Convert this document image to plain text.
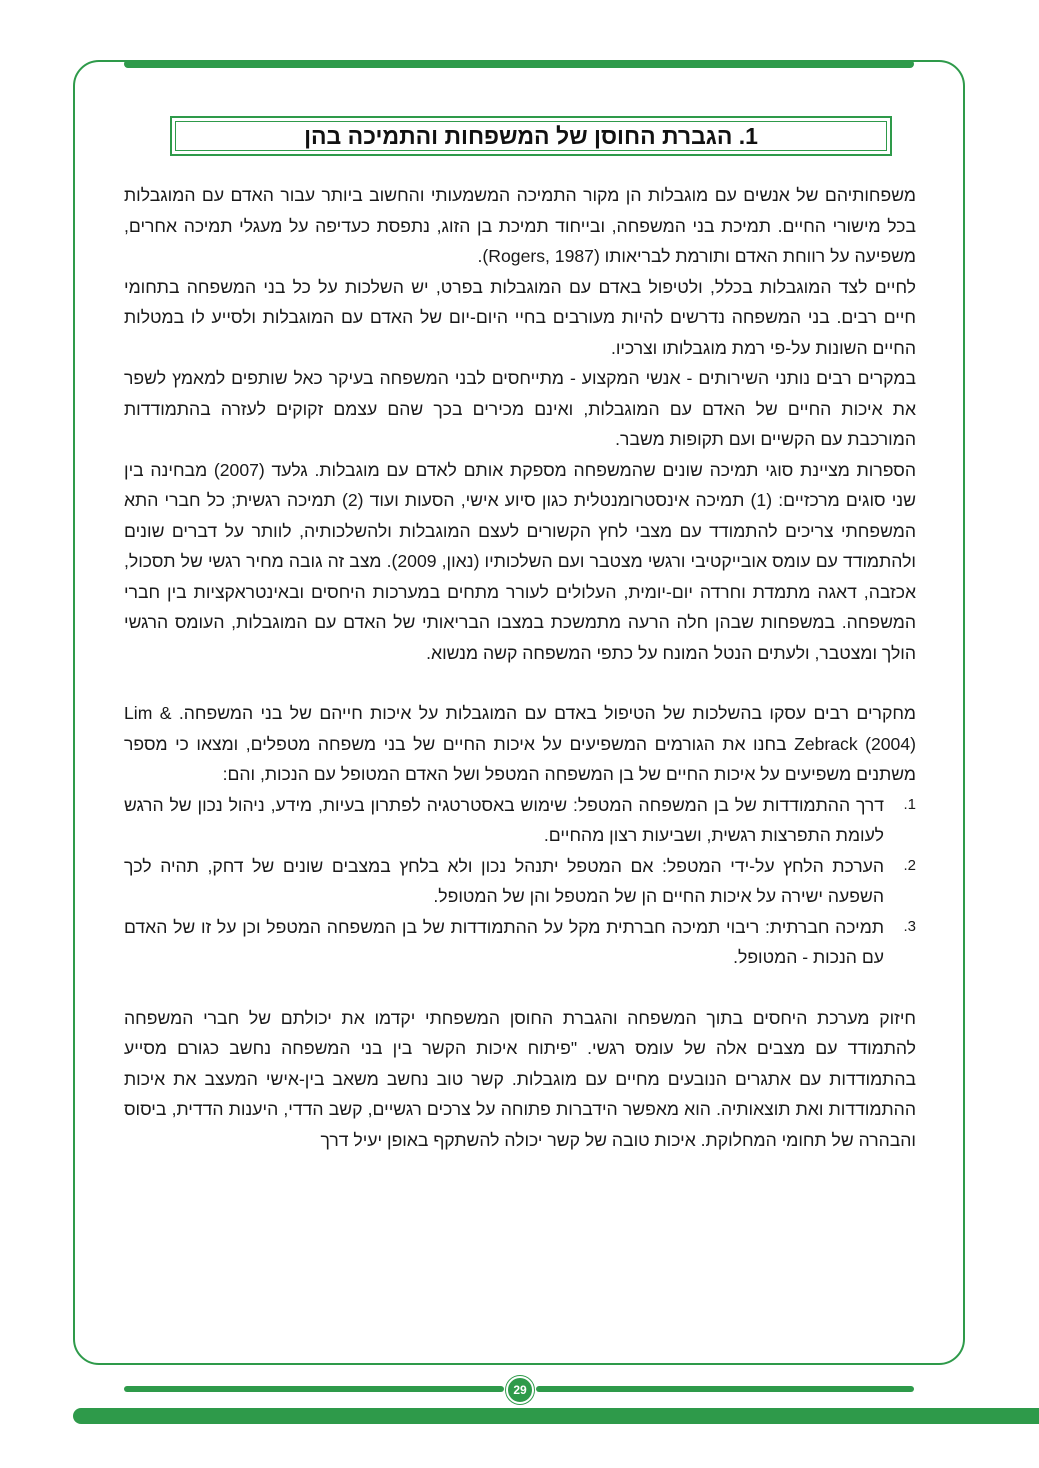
1. הגברת החוסן של המשפחות והתמיכה בהן

משפחותיהם של אנשים עם מוגבלות הן מקור התמיכה המשמעותי והחשוב ביותר עבור האדם עם המוגבלות בכל מישורי החיים. תמיכת בני המשפחה, ובייחוד תמיכת בן הזוג, נתפסת כעדיפה על מעגלי תמיכה אחרים, משפיעה על רווחת האדם ותורמת לבריאותו (Rogers, 1987).

לחיים לצד המוגבלות בכלל, ולטיפול באדם עם המוגבלות בפרט, יש השלכות על כל בני המשפחה בתחומי חיים רבים. בני המשפחה נדרשים להיות מעורבים בחיי היום-יום של האדם עם המוגבלות ולסייע לו במטלות החיים השונות על-פי רמת מוגבלותו וצרכיו.

במקרים רבים נותני השירותים - אנשי המקצוע - מתייחסים לבני המשפחה בעיקר כאל שותפים למאמץ לשפר את איכות החיים של האדם עם המוגבלות, ואינם מכירים בכך שהם עצמם זקוקים לעזרה בהתמודדות המורכבת עם הקשיים ועם תקופות משבר.

הספרות מציינת סוגי תמיכה שונים שהמשפחה מספקת אותם לאדם עם מוגבלות. גלעד (2007) מבחינה בין שני סוגים מרכזיים: (1) תמיכה אינסטרומנטלית כגון סיוע אישי, הסעות ועוד (2) תמיכה רגשית; כל חברי התא המשפחתי צריכים להתמודד עם מצבי לחץ הקשורים לעצם המוגבלות ולהשלכותיה, לוותר על דברים שונים ולהתמודד עם עומס אובייקטיבי ורגשי מצטבר ועם השלכותיו (נאון, 2009). מצב זה גובה מחיר רגשי של תסכול, אכזבה, דאגה מתמדת וחרדה יום-יומית, העלולים לעורר מתחים במערכות היחסים ובאינטראקציות בין חברי המשפחה. במשפחות שבהן חלה הרעה מתמשכת במצבו הבריאותי של האדם עם המוגבלות, העומס הרגשי הולך ומצטבר, ולעתים הנטל המונח על כתפי המשפחה קשה מנשוא.

מחקרים רבים עסקו בהשלכות של הטיפול באדם עם המוגבלות על איכות חייהם של בני המשפחה. Lim & Zebrack (2004) בחנו את הגורמים המשפיעים על איכות החיים של בני משפחה מטפלים, ומצאו כי מספר משתנים משפיעים על איכות החיים של בן המשפחה המטפל ושל האדם המטופל עם הנכות, והם:

1.
דרך ההתמודדות של בן המשפחה המטפל: שימוש באסטרטגיה לפתרון בעיות, מידע, ניהול נכון של הרגש לעומת התפרצות רגשית, ושביעות רצון מהחיים.
2.
הערכת הלחץ על-ידי המטפל: אם המטפל יתנהל נכון ולא בלחץ במצבים שונים של דחק, תהיה לכך השפעה ישירה על איכות החיים הן של המטפל והן של המטופל.
3.
תמיכה חברתית: ריבוי תמיכה חברתית מקל על ההתמודדות של בן המשפחה המטפל וכן על זו של האדם עם הנכות - המטופל.

חיזוק מערכת היחסים בתוך המשפחה והגברת החוסן המשפחתי יקדמו את יכולתם של חברי המשפחה להתמודד עם מצבים אלה של עומס רגשי. "פיתוח איכות הקשר בין בני המשפחה נחשב כגורם מסייע בהתמודדות עם אתגרים הנובעים מחיים עם מוגבלות. קשר טוב נחשב משאב בין-אישי המעצב את איכות ההתמודדות ואת תוצאותיה. הוא מאפשר הידברות פתוחה על צרכים רגשיים, קשב הדדי, היענות הדדית, ביסוס והבהרה של תחומי המחלוקת. איכות טובה של קשר יכולה להשתקף באופן יעיל דרך

29
